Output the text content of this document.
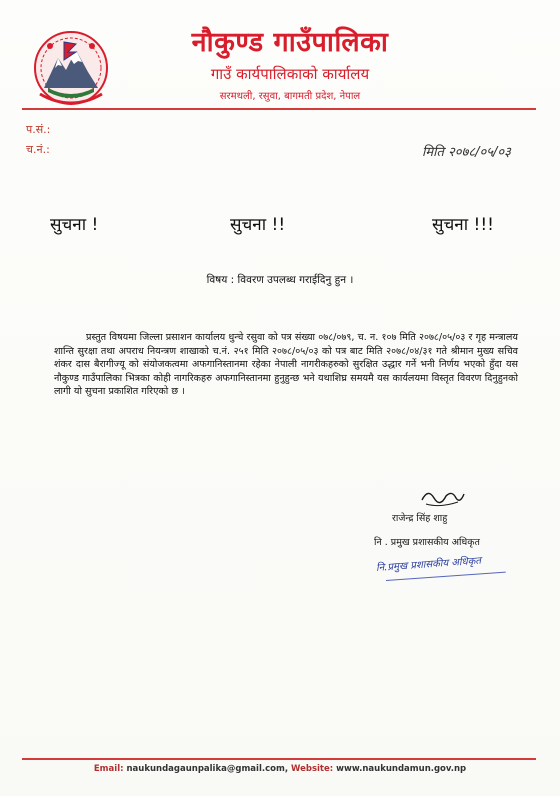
नौकुण्ड गाउँपालिका
गाउँ कार्यपालिकाको कार्यालय
सरमथली, रसुवा, बागमती प्रदेश, नेपाल
प.सं.:
च.नं.:	मिति २०७८/०५/०३
सुचना !	सुचना !!	सुचना !!!
विषय : विवरण उपलब्ध गराईदिनु हुन ।
प्रस्तुत विषयमा जिल्ला प्रसाशन कार्यालय धुन्चे रसुवा को पत्र संख्या ०७८/०७९, च. न. १०७ मिति २०७८/०५/०३ र गृह मन्त्रालय शान्ति सुरक्षा तथा अपराध नियन्त्रण शाखाको च.नं. २५१ मिति २०७८/०५/०३ को पत्र बाट मिति २०७८/०४/३१ गते श्रीमान मुख्य सचिव शंकर दास बैरागीज्यू को संयोजकत्वमा अफगानिस्तानमा रहेका नेपाली नागरीकहरुको सुरक्षित उद्धार गर्ने भनी निर्णय भएको हुँदा यस नौकुण्ड गाउँपालिका भित्रका कोही नागरिकहरु अफगानिस्तानमा हुनुहुन्छ भने यथाशिघ्र समयमै यस कार्यलयमा विस्तृत विवरण दिनुहुनको लागी यो सुचना प्रकाशित गरिएको छ ।
राजेन्द्र सिंह शाहु
नि . प्रमुख प्रशासकीय अधिकृत
नि.प्रमुख प्रशासकीय अधिकृत
Email: naukundagaunpalika@gmail.com, Website: www.naukundamun.gov.np
